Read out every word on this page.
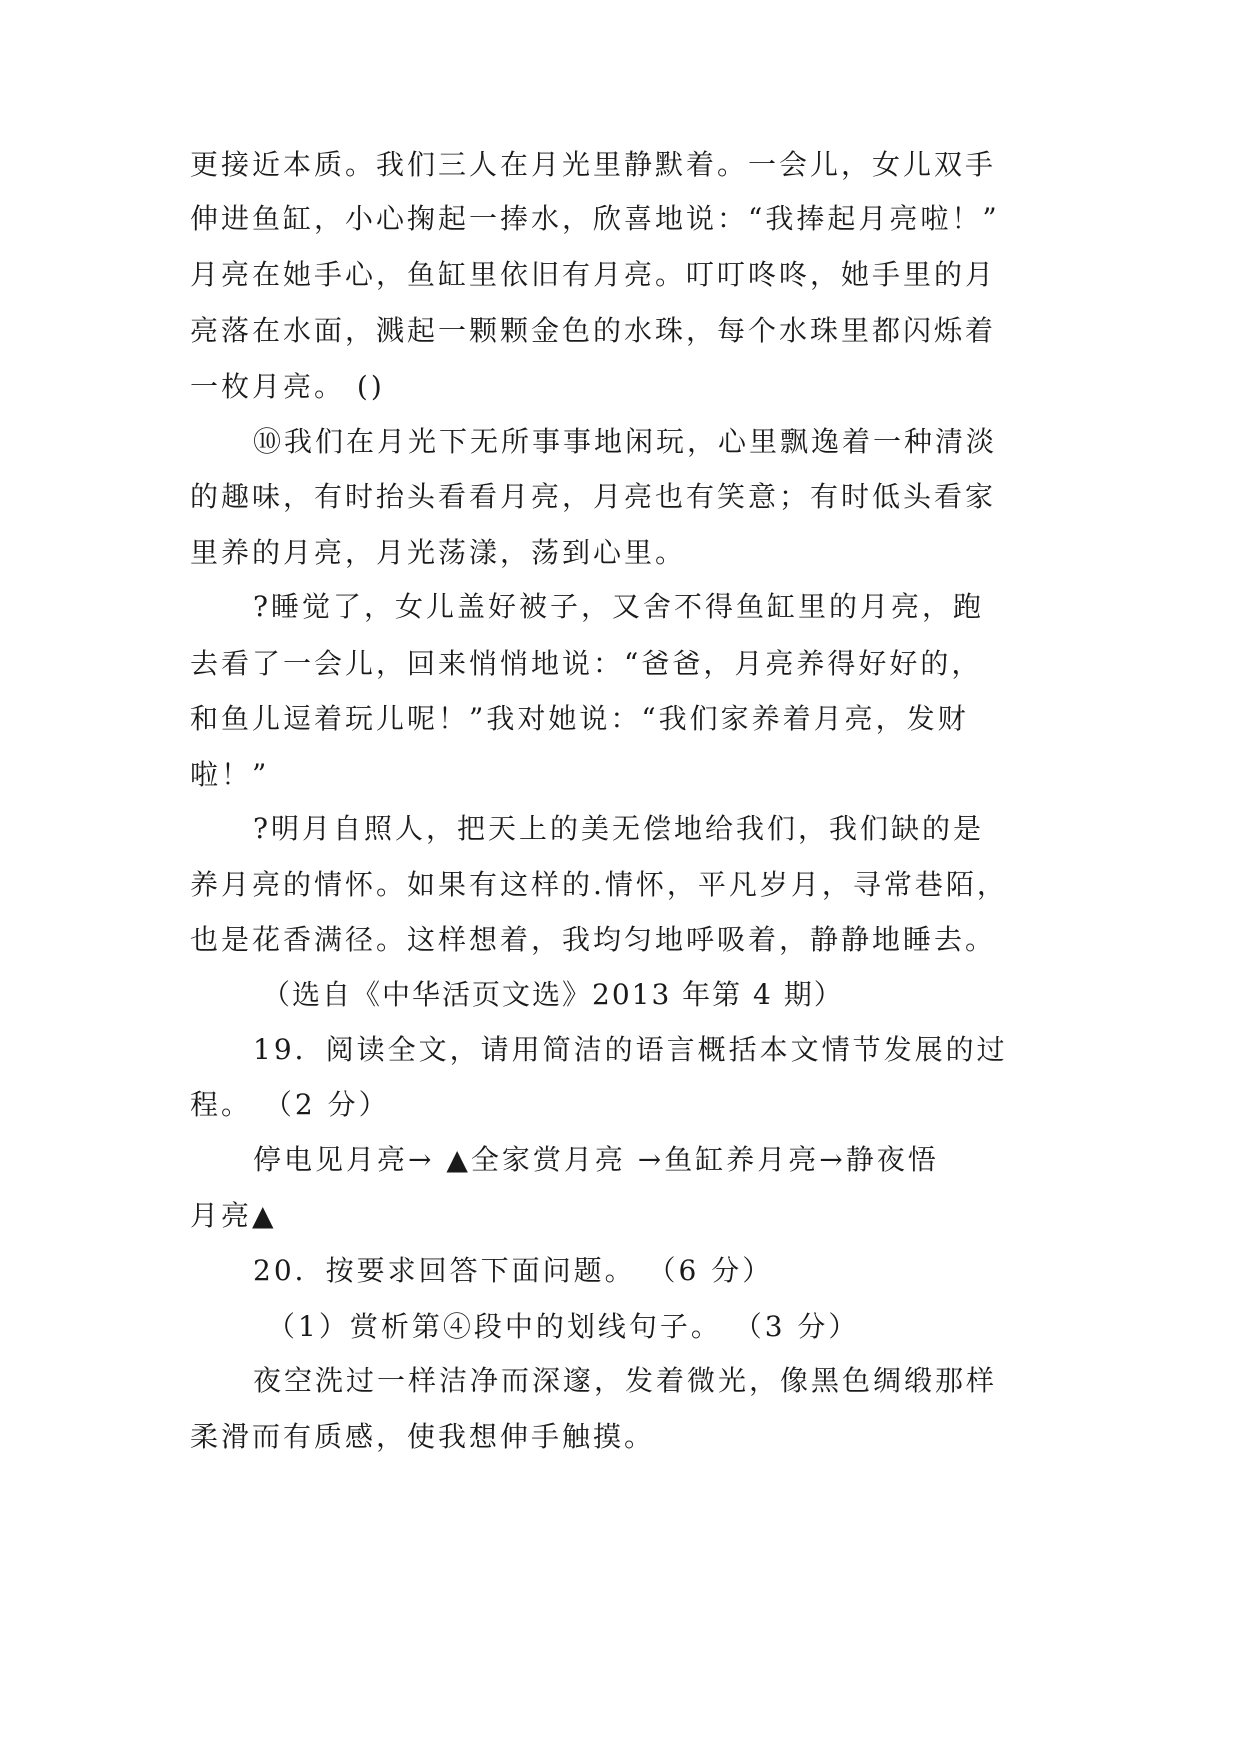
更接近本质。我们三人在月光里静默着。一会儿，女儿双手
伸进鱼缸，小心掬起一捧水，欣喜地说：“我捧起月亮啦！”
月亮在她手心，鱼缸里依旧有月亮。叮叮咚咚，她手里的月
亮落在水面，溅起一颗颗金色的水珠，每个水珠里都闪烁着
一枚月亮。 ()
⑩我们在月光下无所事事地闲玩，心里飘逸着一种清淡
的趣味，有时抬头看看月亮，月亮也有笑意；有时低头看家
里养的月亮，月光荡漾，荡到心里。
?睡觉了，女儿盖好被子，又舍不得鱼缸里的月亮，跑
去看了一会儿，回来悄悄地说：“爸爸，月亮养得好好的，
和鱼儿逗着玩儿呢！”我对她说：“我们家养着月亮，发财
啦！”
?明月自照人，把天上的美无偿地给我们，我们缺的是
养月亮的情怀。如果有这样的.情怀，平凡岁月，寻常巷陌，
也是花香满径。这样想着，我均匀地呼吸着，静静地睡去。
（选自《中华活页文选》2013 年第 4 期）
19．阅读全文，请用简洁的语言概括本文情节发展的过
程。 （2 分）
停电见月亮→ ▲全家赏月亮 →鱼缸养月亮→静夜悟
月亮▲
20．按要求回答下面问题。 （6 分）
（1）赏析第④段中的划线句子。 （3 分）
夜空洗过一样洁净而深邃，发着微光，像黑色绸缎那样
柔滑而有质感，使我想伸手触摸。
